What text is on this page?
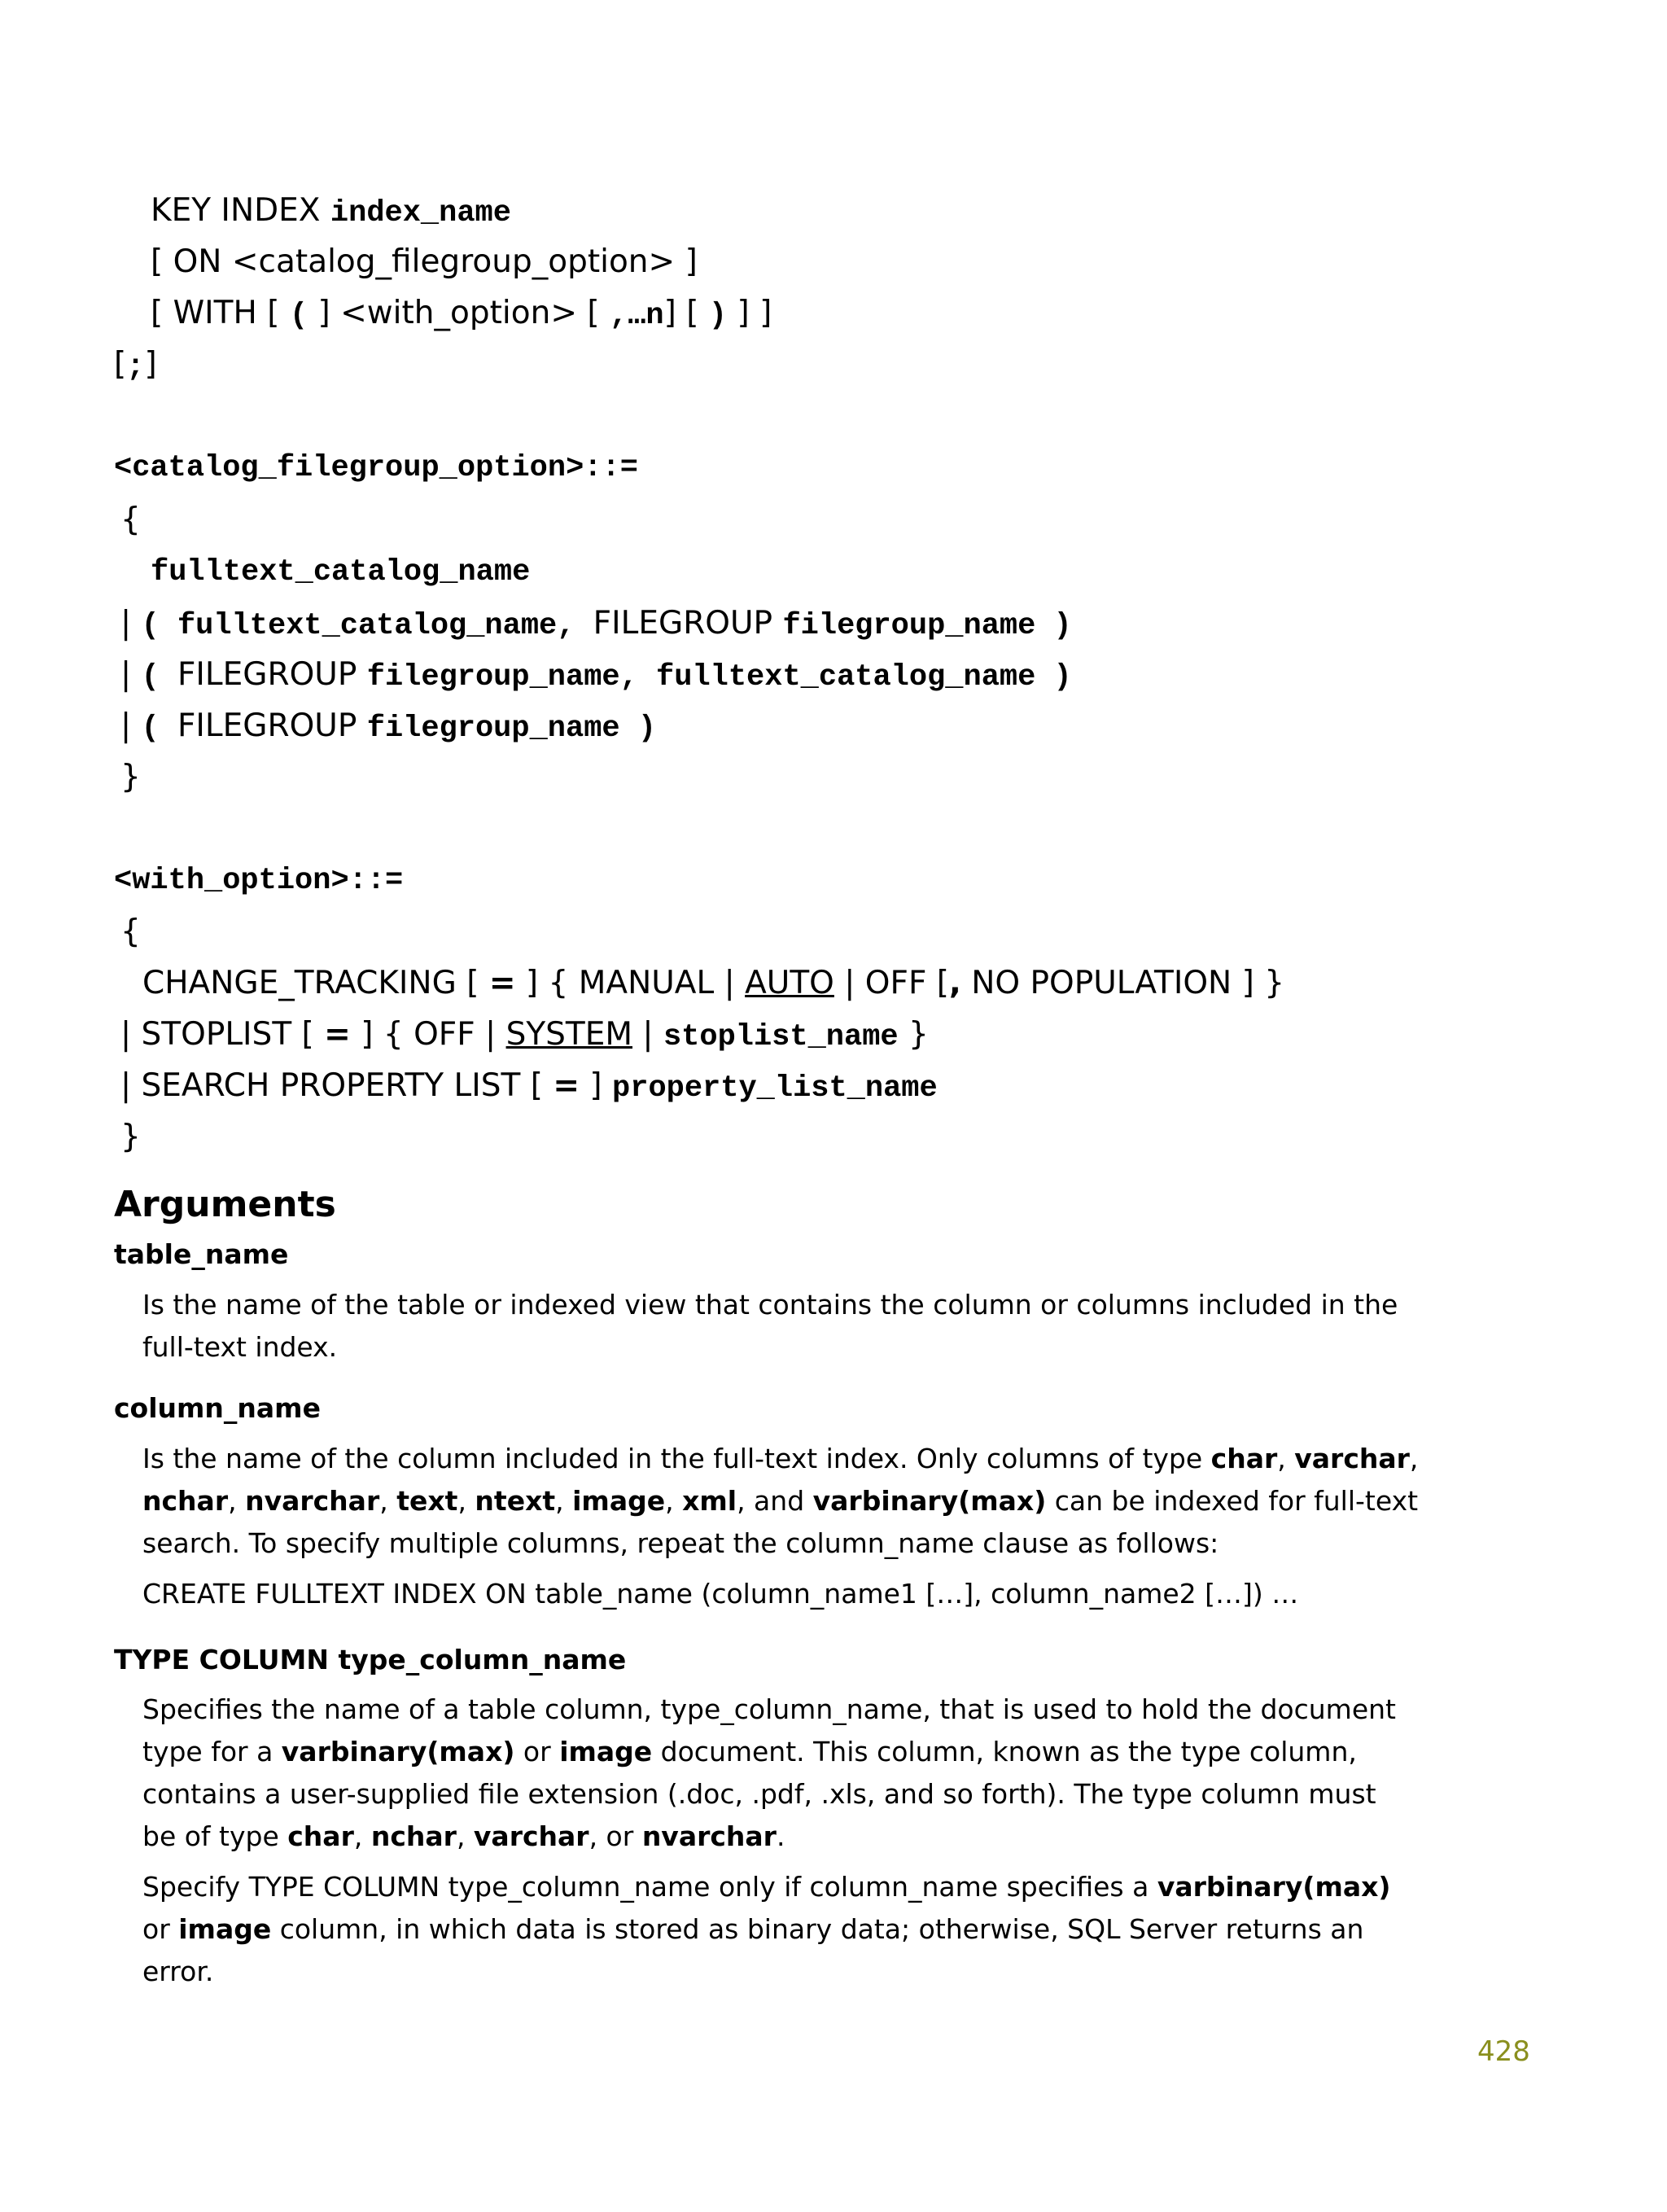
KEY INDEX index_name
[ ON <catalog_filegroup_option> ]
[ WITH [ ( ] <with_option> [ ,…n] [ ) ] ]
[;]
<catalog_filegroup_option>::=
{
fulltext_catalog_name
| ( fulltext_catalog_name, FILEGROUP filegroup_name )
| ( FILEGROUP filegroup_name, fulltext_catalog_name )
| ( FILEGROUP filegroup_name )
}
<with_option>::=
{
CHANGE_TRACKING [ = ] { MANUAL | AUTO | OFF [, NO POPULATION ] }
| STOPLIST [ = ] { OFF | SYSTEM | stoplist_name }
| SEARCH PROPERTY LIST [ = ] property_list_name
}
Arguments
table_name
Is the name of the table or indexed view that contains the column or columns included in the
full-text index.
column_name
Is the name of the column included in the full-text index. Only columns of type char, varchar,
nchar, nvarchar, text, ntext, image, xml, and varbinary(max) can be indexed for full-text
search. To specify multiple columns, repeat the column_name clause as follows:
CREATE FULLTEXT INDEX ON table_name (column_name1 […], column_name2 […]) …
TYPE COLUMN type_column_name
Specifies the name of a table column, type_column_name, that is used to hold the document
type for a varbinary(max) or image document. This column, known as the type column,
contains a user-supplied file extension (.doc, .pdf, .xls, and so forth). The type column must
be of type char, nchar, varchar, or nvarchar.
Specify TYPE COLUMN type_column_name only if column_name specifies a varbinary(max)
or image column, in which data is stored as binary data; otherwise, SQL Server returns an
error.
428
